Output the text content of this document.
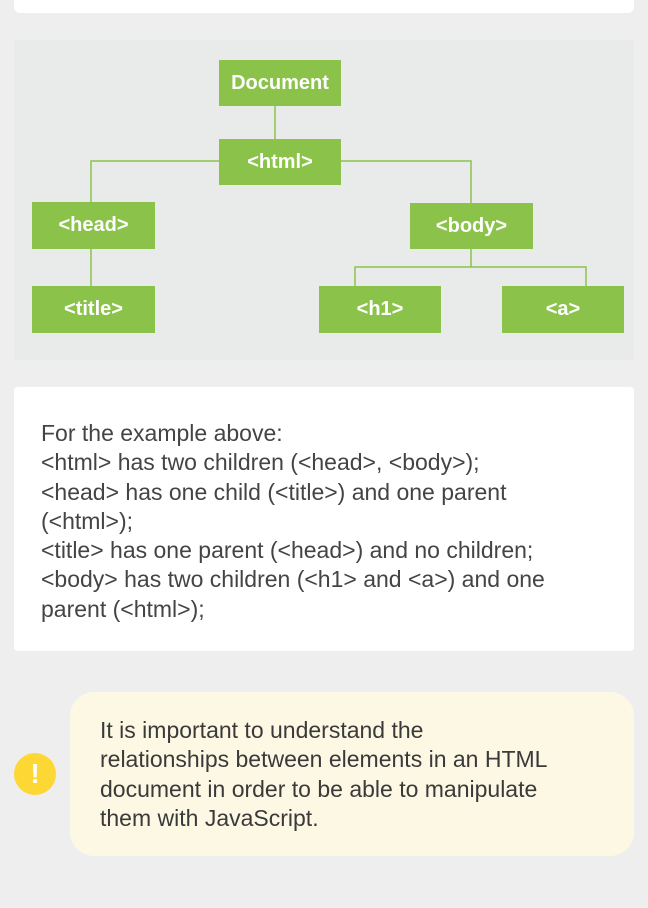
Document
<html>
<head>	<body>
<title>	<h1>	<a>

For the example above:

<html> has two children (<head>, <body>);

<head> has one child (<title>) and one parent

(<html>);

<title> has one parent (<head>) and no children;

<body> has two children (<h1> and <a>) and one

parent (<html>);

!

It is important to understand the

relationships between elements in an HTML

document in order to be able to manipulate

them with JavaScript.
